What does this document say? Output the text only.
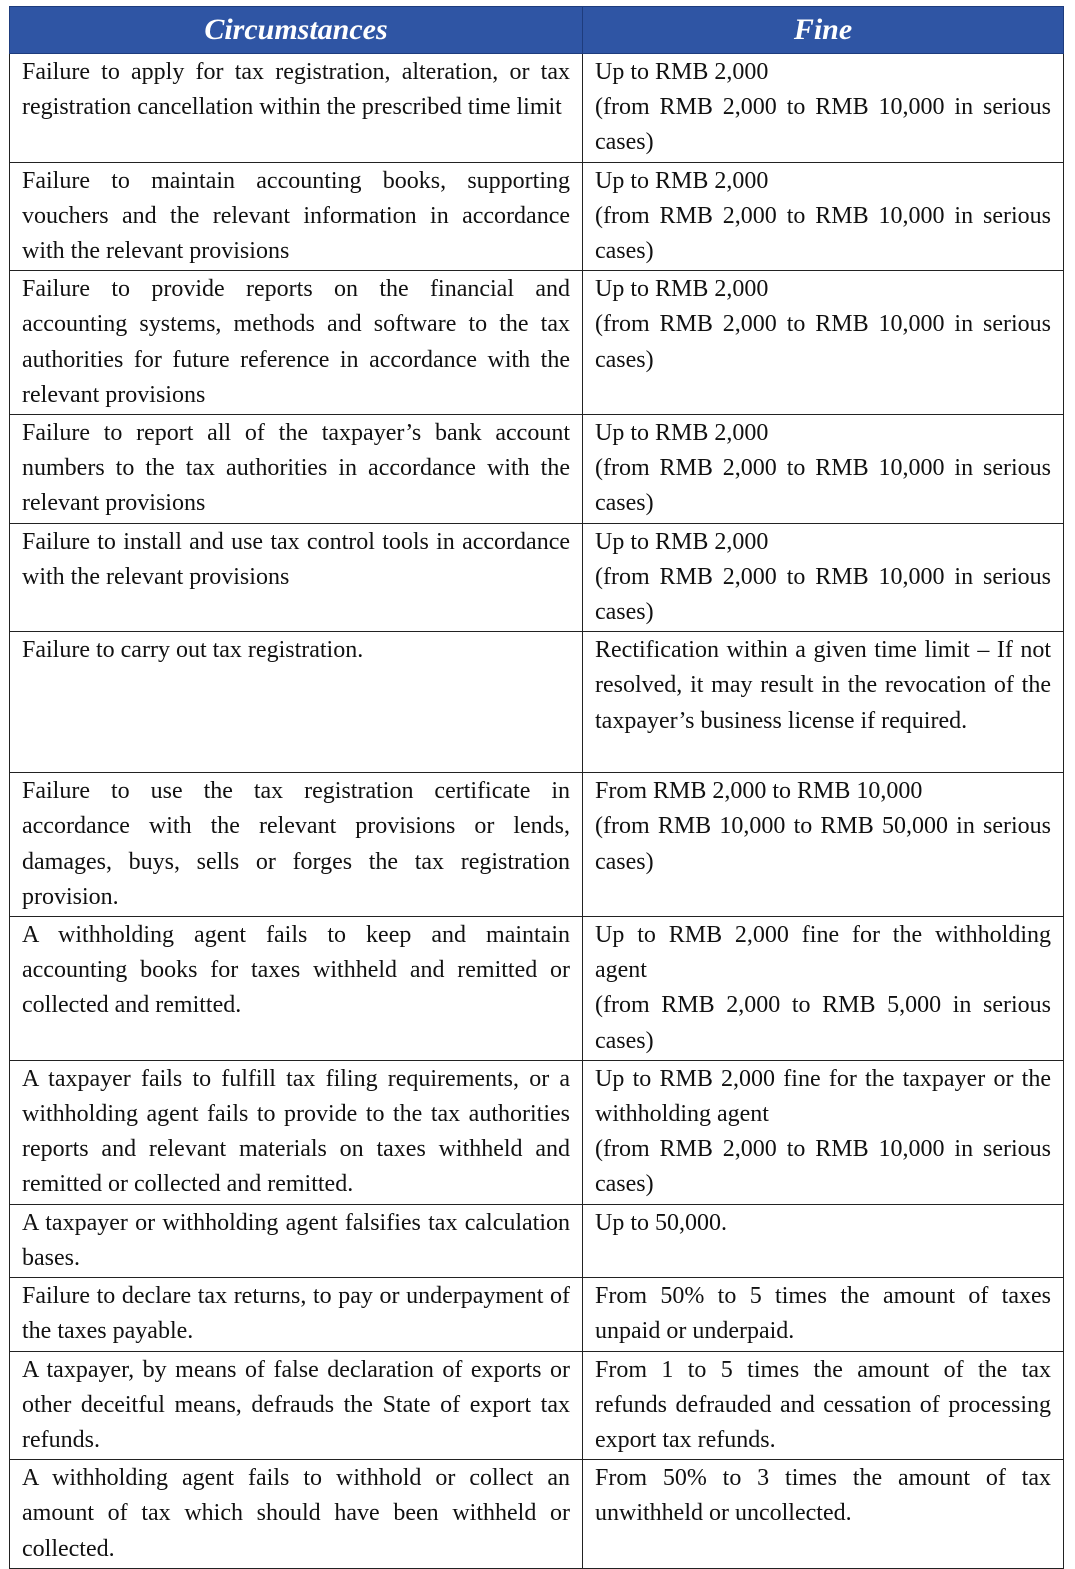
Circumstances	Fine
Failure to apply for tax registration, alteration, or tax registration cancellation within the prescribed time limit	Up to RMB 2,000
(from RMB 2,000 to RMB 10,000 in serious cases)

Failure to maintain accounting books, supporting vouchers and the relevant information in accordance with the relevant provisions	Up to RMB 2,000
(from RMB 2,000 to RMB 10,000 in serious cases)

Failure to provide reports on the financial and accounting systems, methods and software to the tax authorities for future reference in accordance with the relevant provisions	Up to RMB 2,000
(from RMB 2,000 to RMB 10,000 in serious cases)

Failure to report all of the taxpayer’s bank account numbers to the tax authorities in accordance with the relevant provisions	Up to RMB 2,000
(from RMB 2,000 to RMB 10,000 in serious cases)

Failure to install and use tax control tools in accordance with the relevant provisions	Up to RMB 2,000
(from RMB 2,000 to RMB 10,000 in serious cases)

Failure to carry out tax registration.	Rectification within a given time limit – If not resolved, it may result in the revocation of the taxpayer’s business license if required.

Failure to use the tax registration certificate in accordance with the relevant provisions or lends, damages, buys, sells or forges the tax registration provision.	From RMB 2,000 to RMB 10,000
(from RMB 10,000 to RMB 50,000 in serious cases)

A withholding agent fails to keep and maintain accounting books for taxes withheld and remitted or collected and remitted.	Up to RMB 2,000 fine for the withholding agent
(from RMB 2,000 to RMB 5,000 in serious cases)

A taxpayer fails to fulfill tax filing requirements, or a withholding agent fails to provide to the tax authorities reports and relevant materials on taxes withheld and remitted or collected and remitted.	Up to RMB 2,000 fine for the taxpayer or the withholding agent
(from RMB 2,000 to RMB 10,000 in serious cases)

A taxpayer or withholding agent falsifies tax calculation bases.	Up to 50,000.

Failure to declare tax returns, to pay or underpayment of the taxes payable.	From 50% to 5 times the amount of taxes unpaid or underpaid.

A taxpayer, by means of false declaration of exports or other deceitful means, defrauds the State of export tax refunds.	From 1 to 5 times the amount of the tax refunds defrauded and cessation of processing export tax refunds.

A withholding agent fails to withhold or collect an amount of tax which should have been withheld or collected.	From 50% to 3 times the amount of tax unwithheld or uncollected.
